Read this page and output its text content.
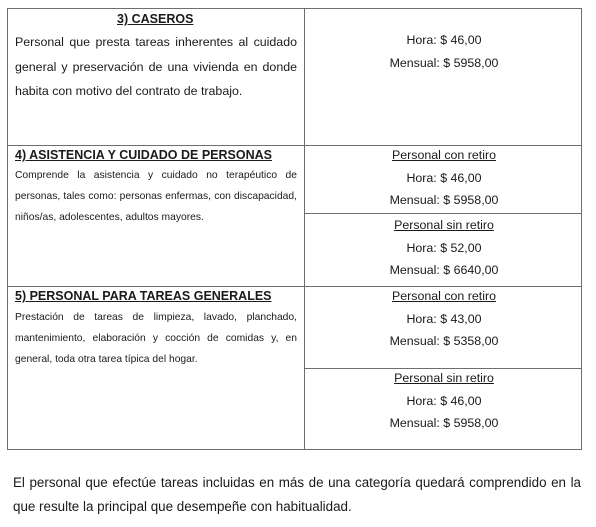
3) CASEROS

Personal que presta tareas inherentes al cuidado general y preservación de una vivienda en donde habita con motivo del contrato de trabajo.

Hora: $ 46,00
Mensual: $ 5958,00
4) ASISTENCIA Y CUIDADO DE PERSONAS

Comprende la asistencia y cuidado no terapéutico de personas, tales como: personas enfermas, con discapacidad, niños/as, adolescentes, adultos mayores.

Personal con retiro
Hora: $ 46,00
Mensual: $ 5958,00
Personal sin retiro
Hora: $ 52,00
Mensual: $ 6640,00
5) PERSONAL PARA TAREAS GENERALES

Prestación de tareas de limpieza, lavado, planchado, mantenimiento, elaboración y cocción de comidas y, en general, toda otra tarea típica del hogar.

Personal con retiro
Hora: $ 43,00
Mensual: $ 5358,00
Personal sin retiro
Hora: $ 46,00
Mensual: $ 5958,00

El personal que efectúe tareas incluidas en más de una categoría quedará comprendido en la que resulte la principal que desempeñe con habitualidad.
